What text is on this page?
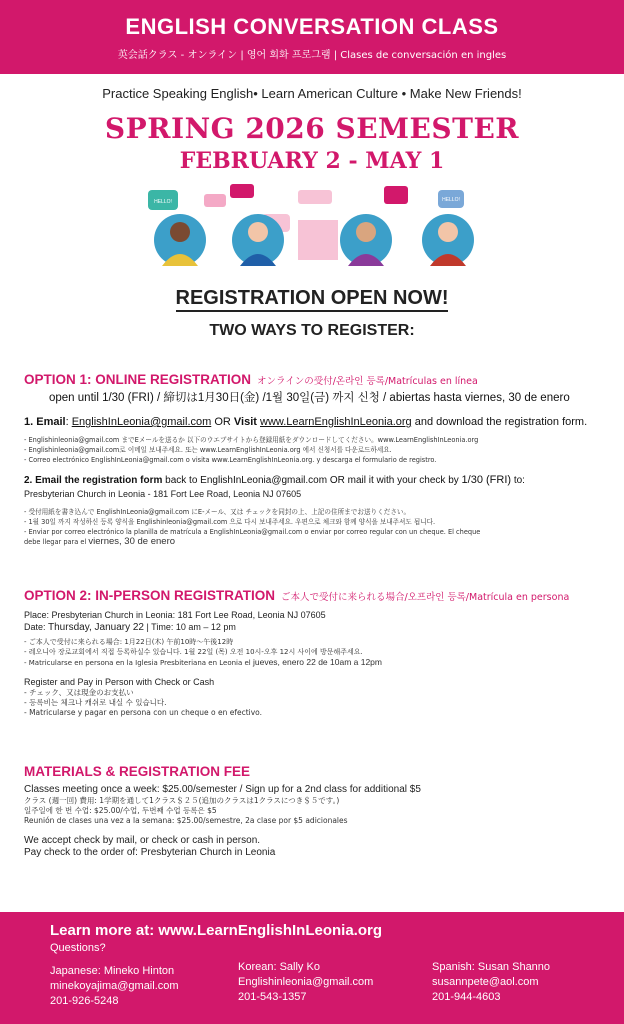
ENGLISH CONVERSATION CLASS
英会話クラス - オンライン | 영어 회화 프로그램 | Clases de conversación en ingles
Practice Speaking English• Learn American Culture • Make New Friends!
SPRING 2026 SEMESTER
FEBRUARY 2 - MAY 1
HELLO!	HELLO!
REGISTRATION OPEN NOW!
TWO WAYS TO REGISTER:
OPTION 1: ONLINE REGISTRATION オンラインの受付/온라인 등록/Matrículas en línea
open until 1/30 (FRI) / 締切は1月30日(金) /1월 30일(금) 까지 신청 / abiertas hasta viernes, 30 de enero
1. Email: EnglishInLeonia@gmail.com OR Visit www.LearnEnglishInLeonia.org and download the registration form.
- Englishinleonia@gmail.com までEメールを送るか 以下のウエブサイトから登録用紙をダウンロードしてください。www.LearnEnglishInLeonia.org
- Englishinleonia@gmail.com로 이메일 보내주세요. 또는 www.LearnEnglishInLeonia.org 에서 신청서를 다운로드하세요.
- Correo electrónico EnglishInLeonia@gmail.com o visita www.LearnEnglishInLeonia.org. y descarga el formulario de registro.
2. Email the registration form back to EnglishInLeonia@gmail.com OR mail it with your check by 1/30 (FRI) to:
Presbyterian Church in Leonia - 181 Fort Lee Road, Leonia NJ 07605
- 受付用紙を書き込んで EnglishInLeonia@gmail.com にE-メール、又は チェックを同封の上、上記の住所までお送りください。
- 1월 30일 까지 작성하신 등록 양식을 Englishinleonia@gmail.com 으로 다시 보내주세요. 우편으로 체크와 함께 양식을 보내주셔도 됩니다.
- Enviar por correo electrónico la planilla de matrícula a EnglishInLeonia@gmail.com o enviar por correo regular con un cheque. El cheque
debe llegar para el viernes, 30 de enero
OPTION 2: IN-PERSON REGISTRATION ご本人で受付に来られる場合/오프라인 등록/Matrícula en persona
Place: Presbyterian Church in Leonia: 181 Fort Lee Road, Leonia NJ 07605
Date: Thursday, January 22 | Time: 10 am – 12 pm
- ご本人で受付に来られる場合: 1月22日(木) 午前10時〜午後12時
- 레오니아 장로교회에서 직접 등록하실수 있습니다. 1월 22일 (목) 오전 10시-오후 12시 사이에 방문해주세요.
- Matricularse en persona en la Iglesia Presbiteriana en Leonia el jueves, enero 22 de 10am a 12pm
Register and Pay in Person with Check or Cash
- チェック、又は現金のお支払い
- 등록비는 체크나 캐쉬로 내실 수 있습니다.
- Matricularse y pagar en persona con un cheque o en efectivo.
MATERIALS & REGISTRATION FEE
Classes meeting once a week: $25.00/semester / Sign up for a 2nd class for additional $5
クラス (週一回) 費用: 1学期を通して1クラス＄２５(追加のクラスは1クラスにつき＄５です。)
일주일에 한 번 수업: $25.00/수업, 두번째 수업 등록은 $5
Reunión de clases una vez a la semana: $25.00/semestre, 2a clase por $5 adicionales
We accept check by mail, or check or cash in person.
Pay check to the order of: Presbyterian Church in Leonia
Learn more at: www.LearnEnglishInLeonia.org
Questions?
Japanese: Mineko Hinton
minekoyajima@gmail.com
201-926-5248
Korean: Sally Ko
Englishinleonia@gmail.com
201-543-1357
Spanish: Susan Shanno
susannpete@aol.com
201-944-4603
